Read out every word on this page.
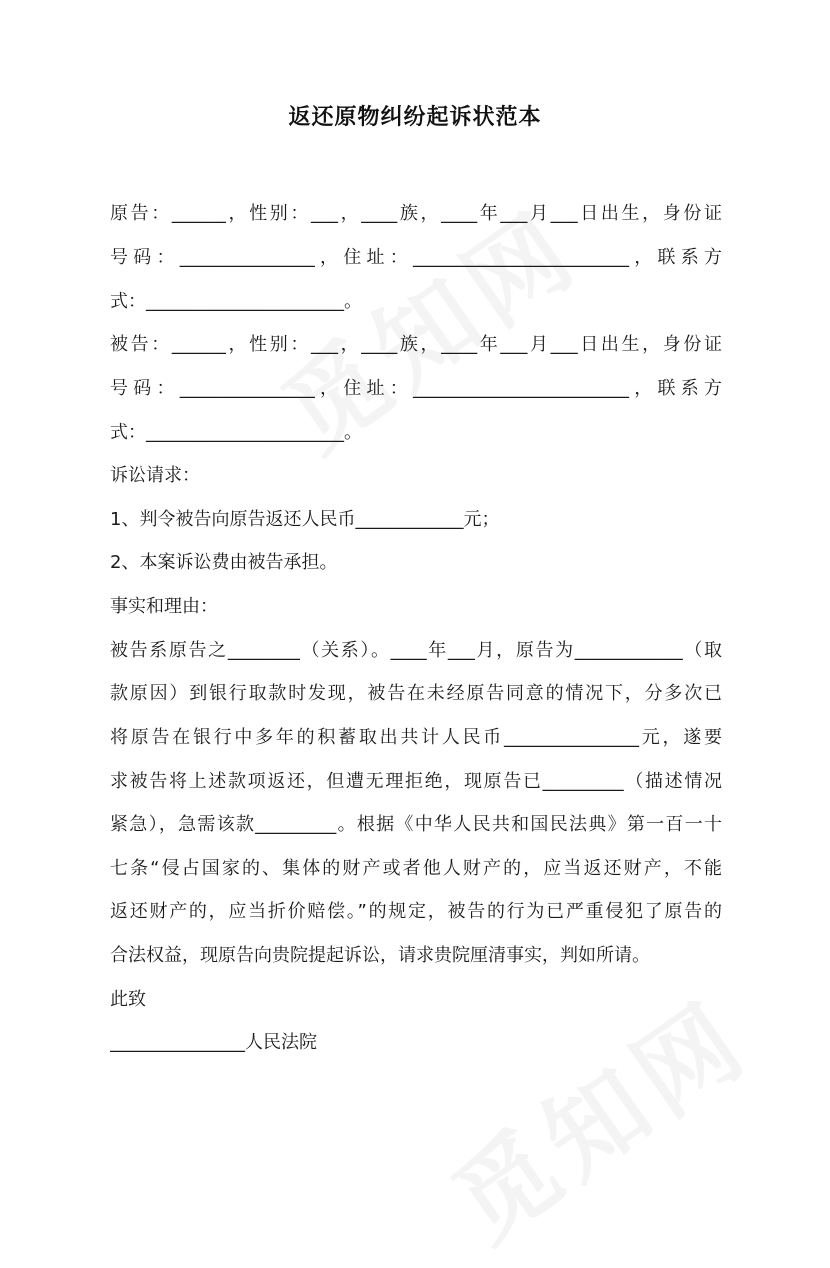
返还原物纠纷起诉状范本
原告：______，性别：___，____族，____年___月___日出生，身份证
号码：_______________，住址：________________________，联系方
式：______________________。
被告：______，性别：___，____族，____年___月___日出生，身份证
号码：_______________，住址：________________________，联系方
式：______________________。
诉讼请求：
1、判令被告向原告返还人民币____________元；
2、本案诉讼费由被告承担。
事实和理由：
被告系原告之________（关系）。____年___月，原告为____________（取
款原因）到银行取款时发现，被告在未经原告同意的情况下，分多次已
将原告在银行中多年的积蓄取出共计人民币_______________元，遂要
求被告将上述款项返还，但遭无理拒绝，现原告已_________（描述情况
紧急），急需该款_________。根据《中华人民共和国民法典》第一百一十
七条“侵占国家的、集体的财产或者他人财产的，应当返还财产，不能
返还财产的，应当折价赔偿。”的规定，被告的行为已严重侵犯了原告的
合法权益，现原告向贵院提起诉讼，请求贵院厘清事实，判如所请。
此致
_______________人民法院
